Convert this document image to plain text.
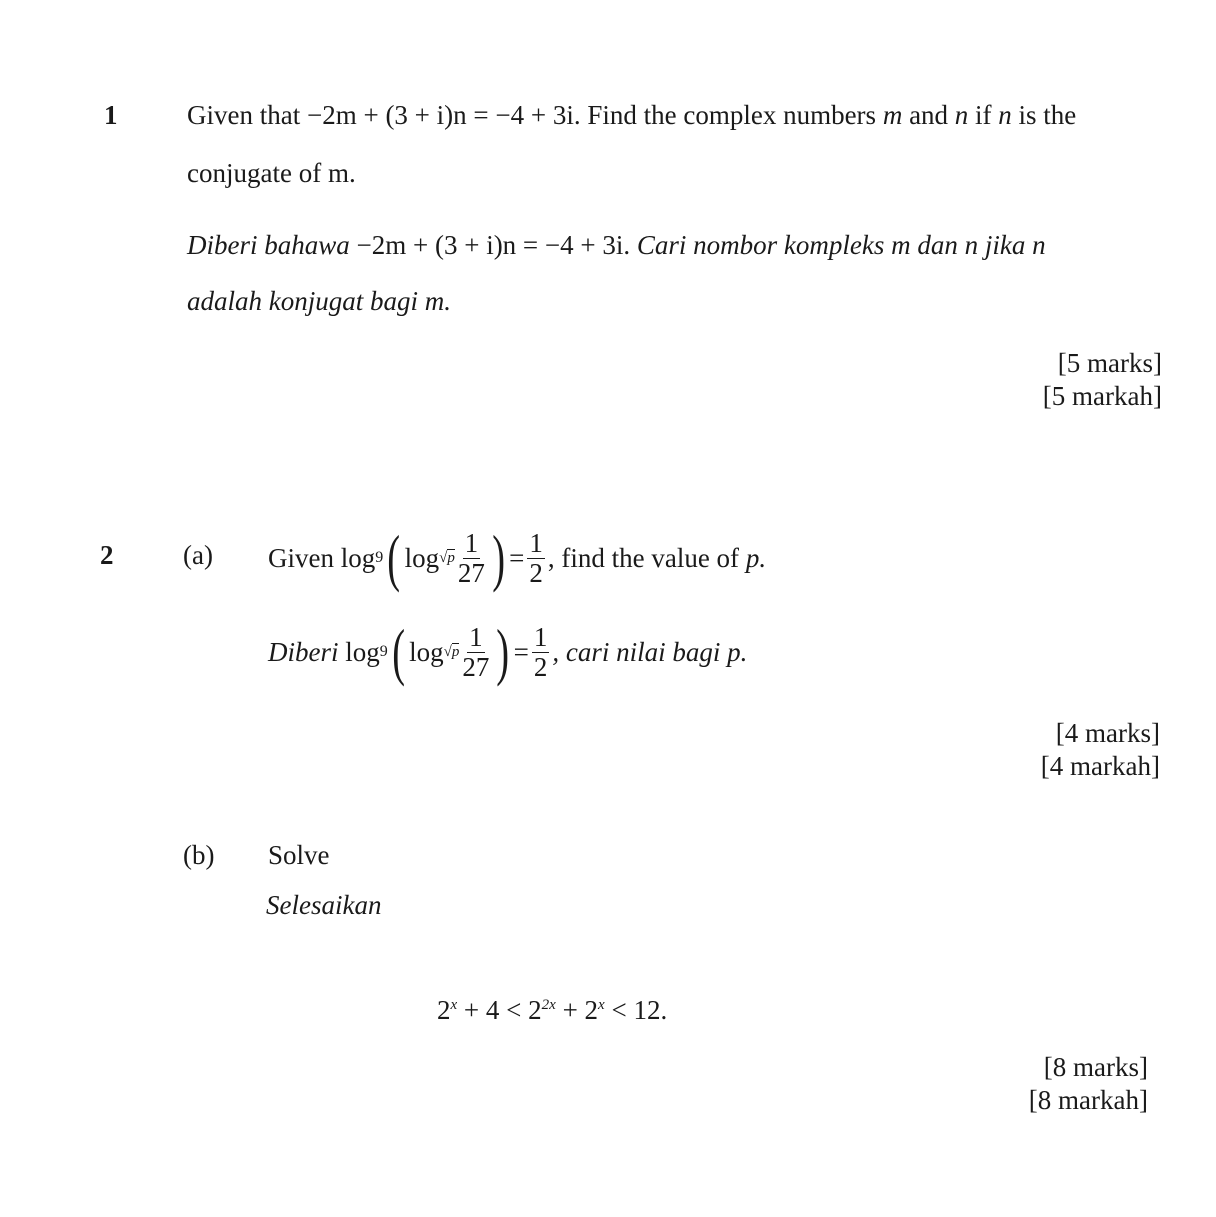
1	Given that −2m + (3 + i)n = −4 + 3i. Find the complex numbers m and n if n is the
conjugate of m.
Diberi bahawa −2m + (3 + i)n = −4 + 3i. Cari nombor kompleks m dan n jika n
adalah konjugat bagi m.
[5 marks]
[5 markah]
2	(a) Given
log 9 ( $\log √p \frac{1}{27}$ ) = $\frac{1}{2}$ , find the value of
p.
Diberi
log 9 ( $\log √p \frac{1}{27}$ ) = $\frac{1}{2}$ , cari nilai bagi
p.
[4 marks]
[4 markah]
(b) Solve
Selesaikan
$2^x + 4 < 2^{2x} + 2^x < 12$.
[8 marks]
[8 markah]
